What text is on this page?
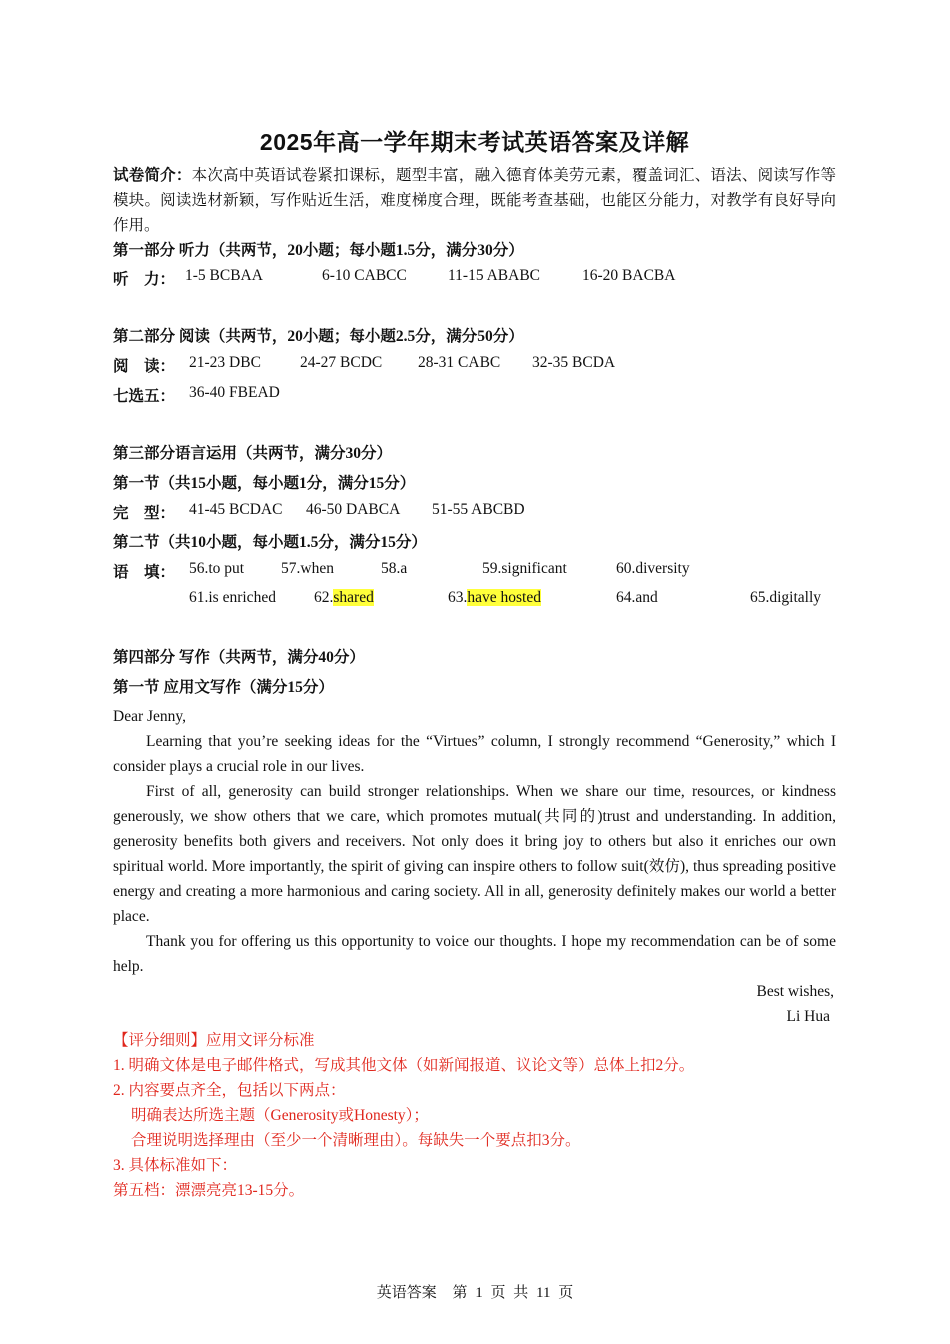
2025年高一学年期末考试英语答案及详解
试卷简介：本次高中英语试卷紧扣课标，题型丰富，融入德育体美劳元素，覆盖词汇、语法、阅读写作等模块。阅读选材新颖，写作贴近生活，难度梯度合理，既能考查基础，也能区分能力，对教学有良好导向作用。
第一部分 听力（共两节，20小题；每小题1.5分，满分30分）
听　力： 1-5 BCBAA	6-10 CABCC	11-15 ABABC	16-20 BACBA
第二部分 阅读（共两节，20小题；每小题2.5分，满分50分）
阅　读： 21-23 DBC	24-27 BCDC 28-31 CABC 32-35 BCDA
七选五： 36-40 FBEAD
第三部分语言运用（共两节，满分30分）
第一节（共15小题，每小题1分，满分15分）
完　型： 41-45 BCDAC 46-50 DABCA 51-55 ABCBD
第二节（共10小题，每小题1.5分，满分15分）
语　填： 56.to put 57.when	58.a	59.significant	60.diversity
61.is enriched 62.shared	63.have hosted	64.and	65.digitally
第四部分 写作（共两节，满分40分）
第一节 应用文写作（满分15分）

Dear Jenny,

Learning that you’re seeking ideas for the “Virtues” column, I strongly recommend “Generosity,” which I consider plays a crucial role in our lives.

First of all, generosity can build stronger relationships. When we share our time, resources, or kindness generously, we show others that we care, which promotes mutual(共同的)trust and understanding. In addition, generosity benefits both givers and receivers. Not only does it bring joy to others but also it enriches our own spiritual world. More importantly, the spirit of giving can inspire others to follow suit(效仿), thus spreading positive energy and creating a more harmonious and caring society. All in all, generosity definitely makes our world a better place.

Thank you for offering us this opportunity to voice our thoughts. I hope my recommendation can be of some help.

Best wishes,

Li Hua

【评分细则】应用文评分标准

1. 明确文体是电子邮件格式，写成其他文体（如新闻报道、议论文等）总体上扣2分。

2. 内容要点齐全，包括以下两点：

明确表达所选主题（Generosity或Honesty）；

合理说明选择理由（至少一个清晰理由）。每缺失一个要点扣3分。

3. 具体标准如下：

第五档：漂漂亮亮13-15分。

英语答案 第 1 页 共 11 页
